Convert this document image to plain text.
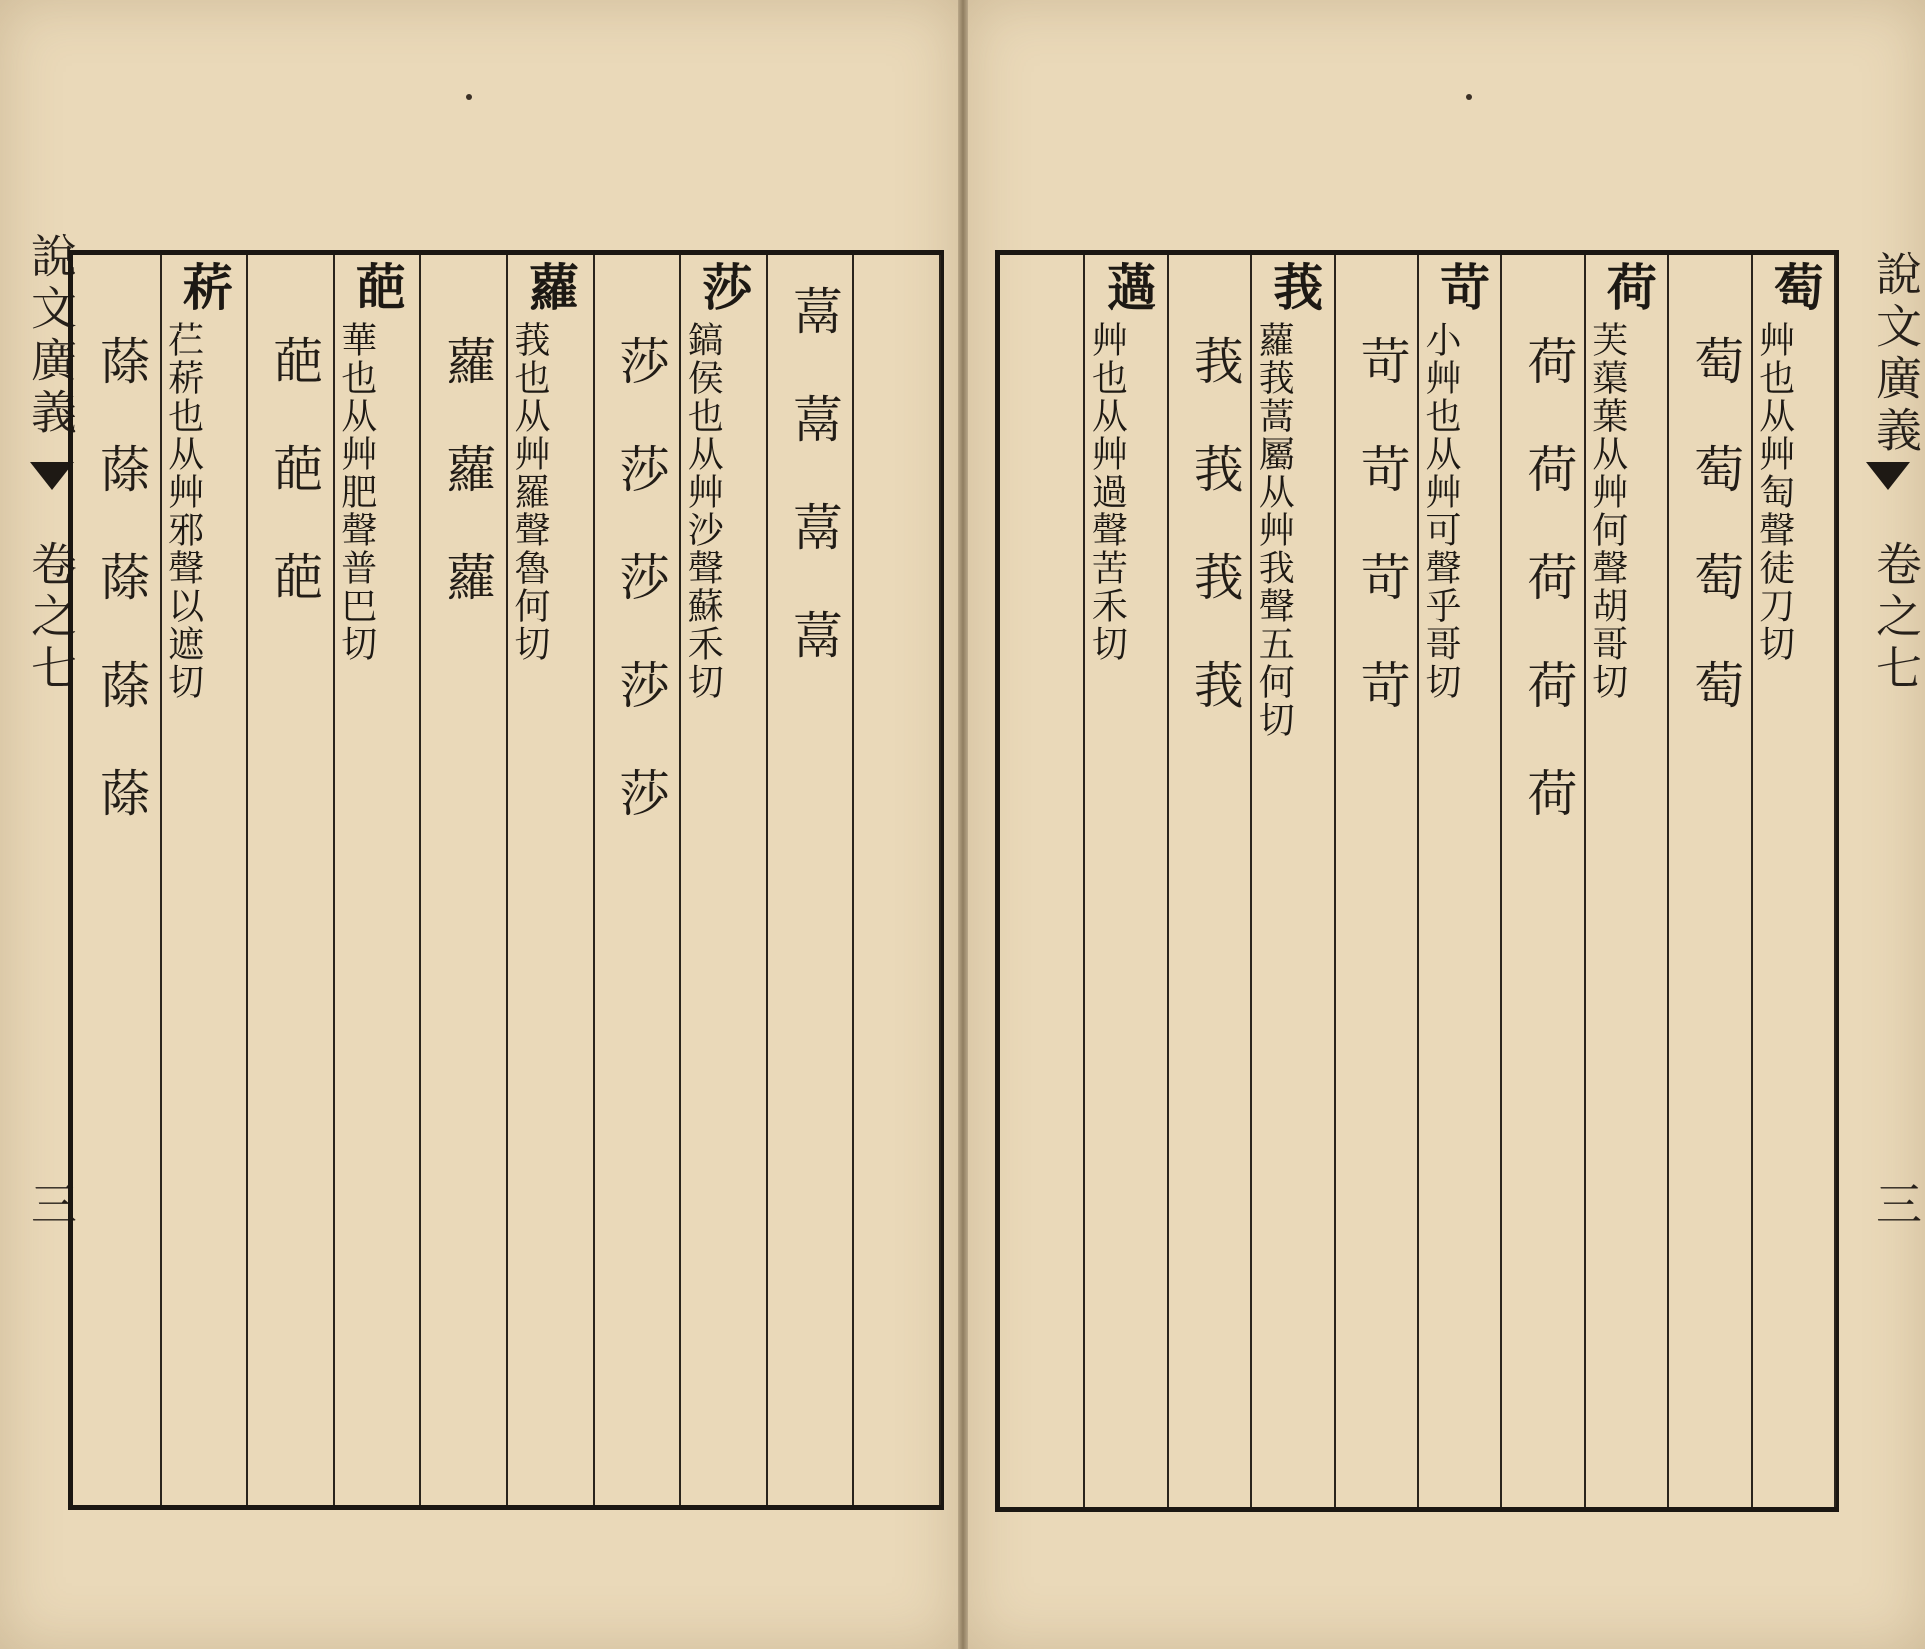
說文廣義
卷之七
三
蒚蒚蒚蒚
莎
鎬侯也从艸沙聲蘇禾切
莎莎莎莎莎
蘿
莪也从艸羅聲魯何切
蘿蘿蘿
葩
華也从艸肥聲普巴切
葩葩葩
菥
芢菥也从艸邪聲以遮切
蒢蒢蒢蒢蒢
萄
艸也从艸匋聲徒刀切
萄萄萄萄
荷
芙蕖葉从艸何聲胡哥切
荷荷荷荷荷
苛
小艸也从艸可聲乎哥切
苛苛苛苛
莪
蘿莪蒿屬从艸我聲五何切
莪莪莪莪
薖
艸也从艸過聲苦禾切	說文廣義
卷之七
三
